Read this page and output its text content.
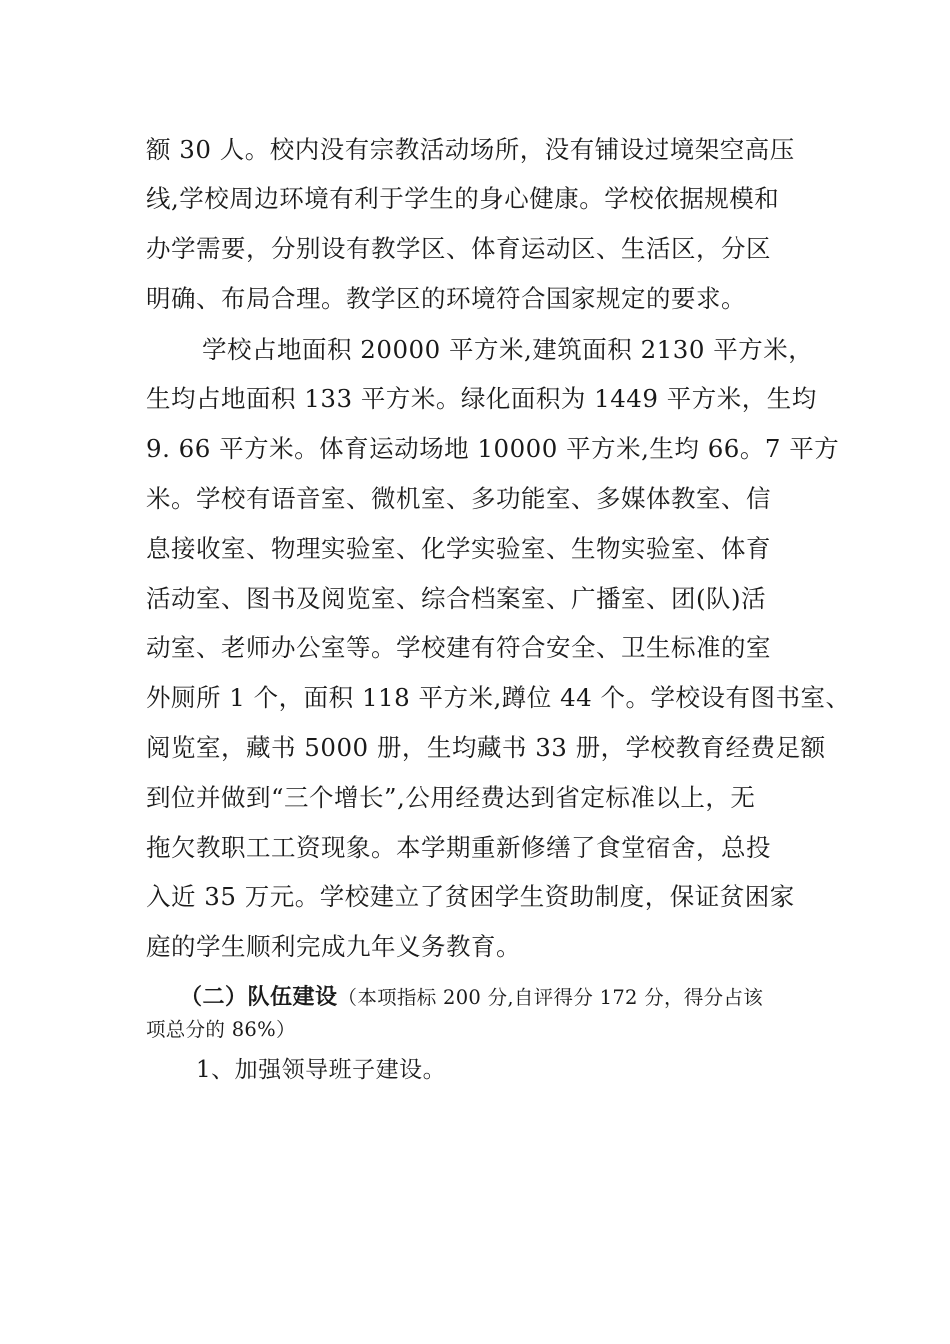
额 30 人。校内没有宗教活动场所，没有铺设过境架空高压
线,学校周边环境有利于学生的身心健康。学校依据规模和
办学需要，分别设有教学区、体育运动区、生活区，分区
明确、布局合理。教学区的环境符合国家规定的要求。
学校占地面积 20000 平方米,建筑面积 2130 平方米，
生均占地面积 133 平方米。绿化面积为 1449 平方米，生均
9. 66 平方米。体育运动场地 10000 平方米,生均 66。7 平方
米。学校有语音室、微机室、多功能室、多媒体教室、信
息接收室、物理实验室、化学实验室、生物实验室、体育
活动室、图书及阅览室、综合档案室、广播室、团(队)活
动室、老师办公室等。学校建有符合安全、卫生标准的室
外厕所 1 个，面积 118 平方米,蹲位 44 个。学校设有图书室、
阅览室，藏书 5000 册，生均藏书 33 册，学校教育经费足额
到位并做到“三个增长”,公用经费达到省定标准以上，无
拖欠教职工工资现象。本学期重新修缮了食堂宿舍，总投
入近 35 万元。学校建立了贫困学生资助制度，保证贫困家
庭的学生顺利完成九年义务教育。
（二）队伍建设（本项指标 200 分,自评得分 172 分，得分占该
项总分的 86%）
1、加强领导班子建设。
